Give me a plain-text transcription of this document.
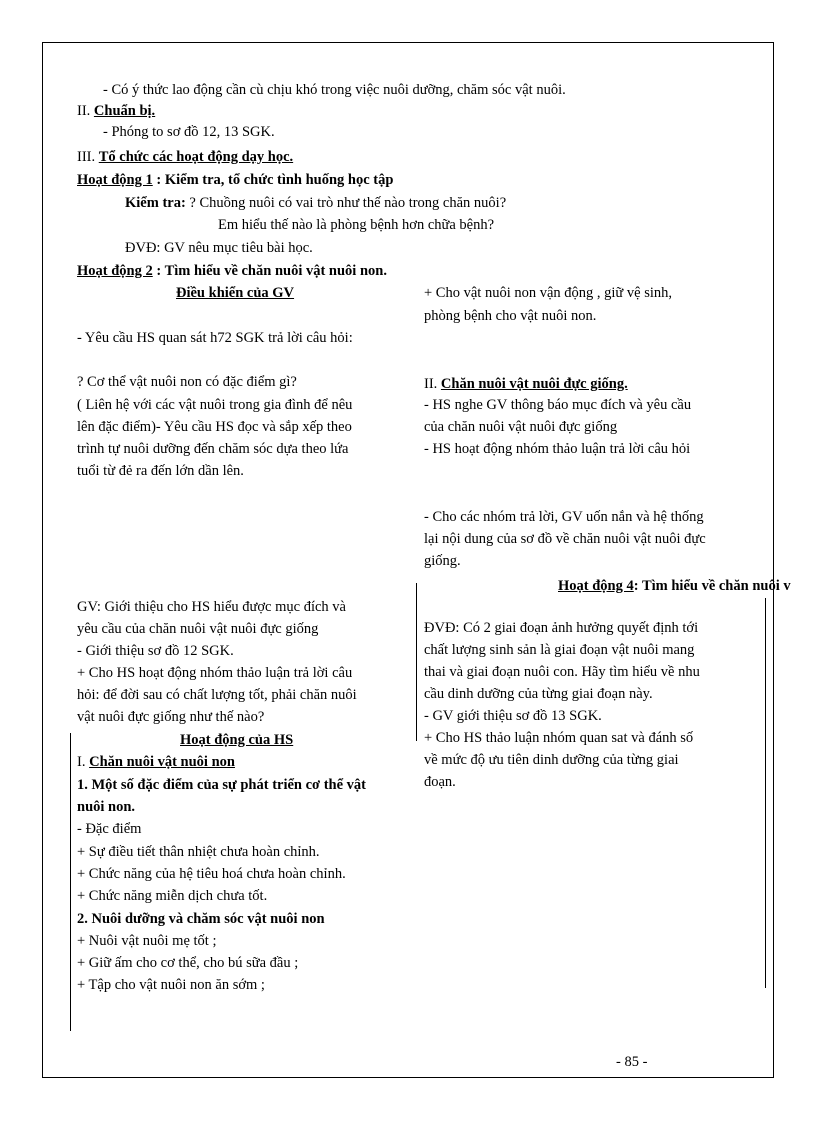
- Có ý thức lao động cần cù chịu khó trong việc nuôi dưỡng, chăm sóc vật nuôi.
II. Chuẩn bị.
- Phóng to sơ đồ 12, 13 SGK.
III. Tổ chức các hoạt động dạy học.
Hoạt động 1 : Kiểm tra, tổ chức tình huống học tập
Kiểm tra: ? Chuồng nuôi có vai trò như thế nào trong chăn nuôi?
Em hiểu thế nào là phòng bệnh hơn chữa bệnh?
ĐVĐ: GV nêu mục tiêu bài học.
Hoạt động 2 : Tìm hiểu về chăn nuôi vật nuôi non.
Điều khiển của GV	+ Cho vật nuôi non vận động , giữ vệ sinh,
phòng bệnh cho vật nuôi non.
- Yêu cầu HS quan sát h72 SGK trả lời câu hỏi:
? Cơ thể vật nuôi non có đặc điểm gì?
( Liên hệ với các vật nuôi trong gia đình để nêu
lên đặc điểm)- Yêu cầu HS đọc và sắp xếp theo
trình tự nuôi dưỡng đến chăm sóc dựa theo lứa
tuổi từ đẻ ra đến lớn dần lên.
II. Chăn nuôi vật nuôi đực giống.
- HS nghe GV thông báo mục đích và yêu cầu
của chăn nuôi vật nuôi đực giống
- HS hoạt động nhóm thảo luận trả lời câu hỏi
- Cho các nhóm trả lời, GV uốn nắn và hệ thống
lại nội dung của sơ đồ về chăn nuôi vật nuôi đực
giống.
Hoạt động 4: Tìm hiểu về chăn nuôi v
GV: Giới thiệu cho HS hiểu được mục đích và
yêu cầu của chăn nuôi vật nuôi đực giống
- Giới thiệu sơ đồ 12 SGK.
+ Cho HS hoạt động nhóm thảo luận trả lời câu
hỏi: để đời sau có chất lượng tốt, phải chăn nuôi
vật nuôi đực giống như thế nào?
ĐVĐ: Có 2 giai đoạn ảnh hưởng quyết định tới
chất lượng sinh sản là giai đoạn vật nuôi mang
thai và giai đoạn nuôi con. Hãy tìm hiểu về nhu
cầu dinh dưỡng của từng giai đoạn này.
- GV giới thiệu sơ đồ 13 SGK.
+ Cho HS thảo luận nhóm quan sat và đánh số
về mức độ ưu tiên dinh dưỡng của từng giai
đoạn.
Hoạt động của HS
I. Chăn nuôi vật nuôi non
1. Một số đặc điểm của sự phát triển cơ thể vật
nuôi non.
- Đặc điểm
+ Sự điều tiết thân nhiệt chưa hoàn chỉnh.
+ Chức năng của hệ tiêu hoá chưa hoàn chỉnh.
+ Chức năng miễn dịch chưa tốt.
2. Nuôi dưỡng và chăm sóc vật nuôi non
+ Nuôi vật nuôi mẹ tốt ;
+ Giữ ấm cho cơ thể, cho bú sữa đầu ;
+ Tập cho vật nuôi non ăn sớm ;
- 85 -
